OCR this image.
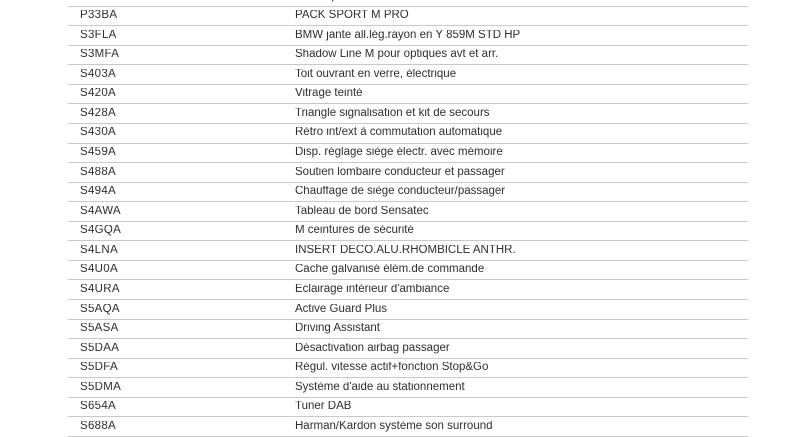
P33BA	PACK SPORT M PRO
S3FLA	BMW jante all.lég.rayon en Y 859M STD HP
S3MFA	Shadow Line M pour optiques avt et arr.
S403A	Toit ouvrant en verre, électrique
S420A	Vitrage teinté
S428A	Triangle signalisation et kit de secours
S430A	Rétro int/ext à commutation automatique
S459A	Disp. réglage siège électr. avec mémoire
S488A	Soutien lombaire conducteur et passager
S494A	Chauffage de siège conducteur/passager
S4AWA	Tableau de bord Sensatec
S4GQA	M ceintures de sécurité
S4LNA	INSERT DECO.ALU.RHOMBICLE ANTHR.
S4U0A	Cache galvanisé élém.de commande
S4URA	Eclairage intérieur d'ambiance
S5AQA	Active Guard Plus
S5ASA	Driving Assistant
S5DAA	Désactivation airbag passager
S5DFA	Régul. vitesse actif+fonction Stop&Go
S5DMA	Système d'aide au stationnement
S654A	Tuner DAB
S688A	Harman/Kardon système son surround
